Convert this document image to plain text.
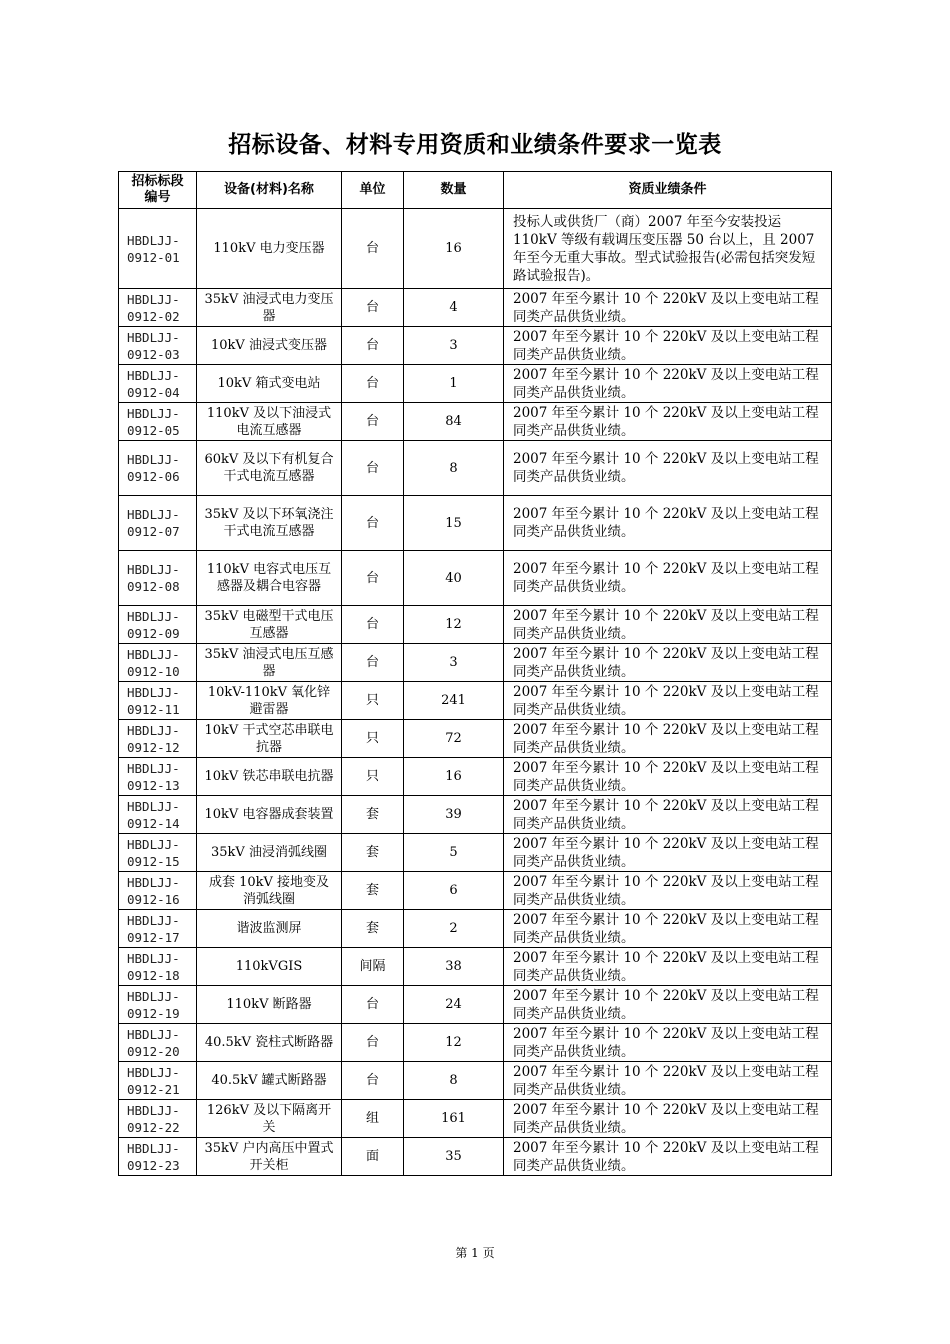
招标设备、材料专用资质和业绩条件要求一览表
招标标段编号	设备(材料)名称	单位	数量	资质业绩条件
HBDLJJ-0912-01	110kV 电力变压器	台	16	投标人或供货厂（商）2007 年至今安装投运 110kV 等级有载调压变压器 50 台以上，且 2007 年至今无重大事故。型式试验报告(必需包括突发短路试验报告)。
HBDLJJ-0912-02	35kV 油浸式电力变压器	台	4	2007 年至今累计 10 个 220kV 及以上变电站工程同类产品供货业绩。
HBDLJJ-0912-03	10kV 油浸式变压器	台	3	2007 年至今累计 10 个 220kV 及以上变电站工程同类产品供货业绩。
HBDLJJ-0912-04	10kV 箱式变电站	台	1	2007 年至今累计 10 个 220kV 及以上变电站工程同类产品供货业绩。
HBDLJJ-0912-05	110kV 及以下油浸式电流互感器	台	84	2007 年至今累计 10 个 220kV 及以上变电站工程同类产品供货业绩。
HBDLJJ-0912-06	60kV 及以下有机复合干式电流互感器	台	8	2007 年至今累计 10 个 220kV 及以上变电站工程同类产品供货业绩。
HBDLJJ-0912-07	35kV 及以下环氧浇注干式电流互感器	台	15	2007 年至今累计 10 个 220kV 及以上变电站工程同类产品供货业绩。
HBDLJJ-0912-08	110kV 电容式电压互感器及耦合电容器	台	40	2007 年至今累计 10 个 220kV 及以上变电站工程同类产品供货业绩。
HBDLJJ-0912-09	35kV 电磁型干式电压互感器	台	12	2007 年至今累计 10 个 220kV 及以上变电站工程同类产品供货业绩。
HBDLJJ-0912-10	35kV 油浸式电压互感器	台	3	2007 年至今累计 10 个 220kV 及以上变电站工程同类产品供货业绩。
HBDLJJ-0912-11	10kV-110kV 氧化锌避雷器	只	241	2007 年至今累计 10 个 220kV 及以上变电站工程同类产品供货业绩。
HBDLJJ-0912-12	10kV 干式空芯串联电抗器	只	72	2007 年至今累计 10 个 220kV 及以上变电站工程同类产品供货业绩。
HBDLJJ-0912-13	10kV 铁芯串联电抗器	只	16	2007 年至今累计 10 个 220kV 及以上变电站工程同类产品供货业绩。
HBDLJJ-0912-14	10kV 电容器成套装置	套	39	2007 年至今累计 10 个 220kV 及以上变电站工程同类产品供货业绩。
HBDLJJ-0912-15	35kV 油浸消弧线圈	套	5	2007 年至今累计 10 个 220kV 及以上变电站工程同类产品供货业绩。
HBDLJJ-0912-16	成套 10kV 接地变及消弧线圈	套	6	2007 年至今累计 10 个 220kV 及以上变电站工程同类产品供货业绩。
HBDLJJ-0912-17	谐波监测屏	套	2	2007 年至今累计 10 个 220kV 及以上变电站工程同类产品供货业绩。
HBDLJJ-0912-18	110kVGIS	间隔	38	2007 年至今累计 10 个 220kV 及以上变电站工程同类产品供货业绩。
HBDLJJ-0912-19	110kV 断路器	台	24	2007 年至今累计 10 个 220kV 及以上变电站工程同类产品供货业绩。
HBDLJJ-0912-20	40.5kV 瓷柱式断路器	台	12	2007 年至今累计 10 个 220kV 及以上变电站工程同类产品供货业绩。
HBDLJJ-0912-21	40.5kV 罐式断路器	台	8	2007 年至今累计 10 个 220kV 及以上变电站工程同类产品供货业绩。
HBDLJJ-0912-22	126kV 及以下隔离开关	组	161	2007 年至今累计 10 个 220kV 及以上变电站工程同类产品供货业绩。
HBDLJJ-0912-23	35kV 户内高压中置式开关柜	面	35	2007 年至今累计 10 个 220kV 及以上变电站工程同类产品供货业绩。
第 1 页
